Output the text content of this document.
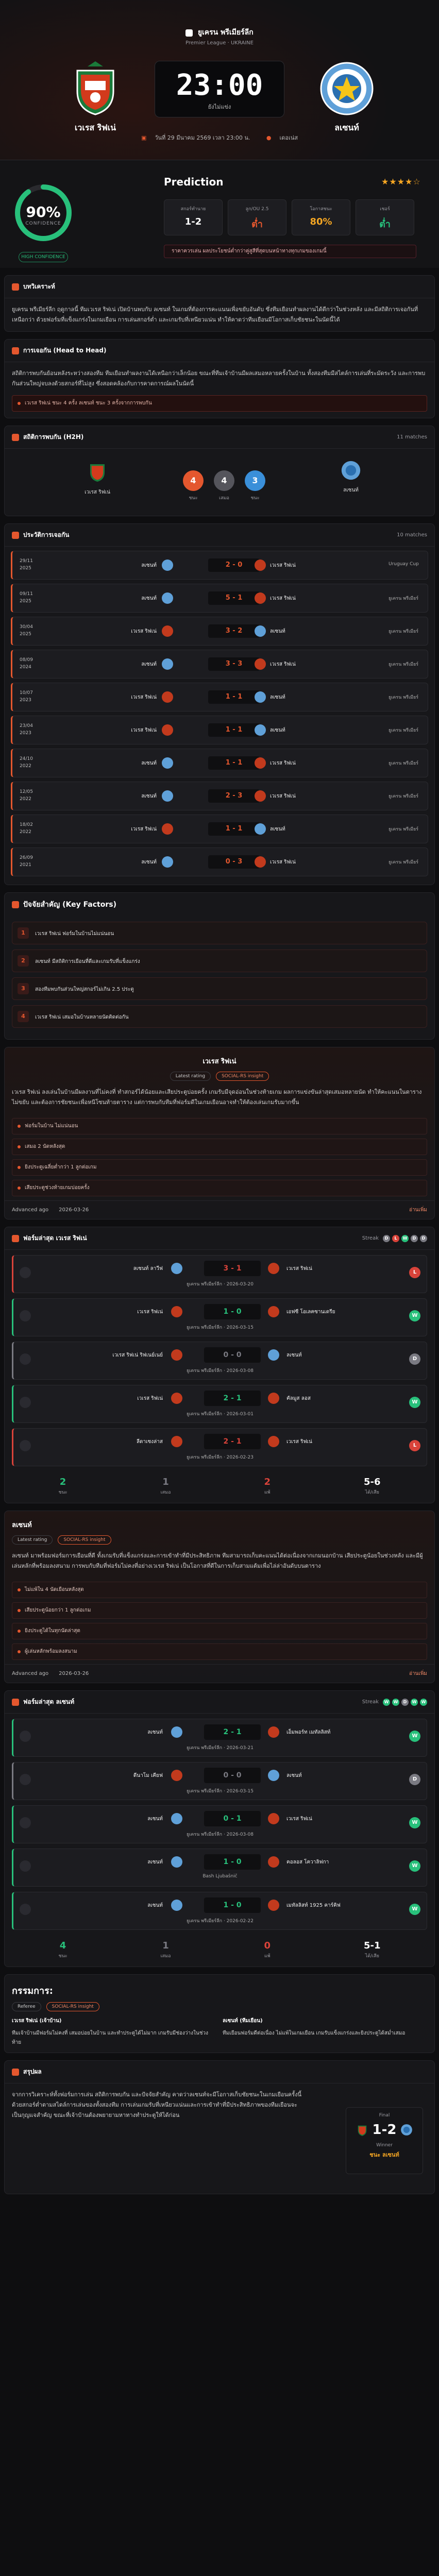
ยูเครน พรีเมียร์ลีก
Premier League · UKRAINE
เวเรส ริฟเน่
23:00
ยังไม่แข่ง
ลเซนท์
▣ วันที่ 29 มีนาคม 2569 เวลา 23:00 น.	● เดอเน่ส
90%
CONFIDENCE
HIGH CONFIDENCE
Prediction	★★★★☆
สกอร์ทำนาย
1-2
ลูก/OU 2.5
ต่ำ
โอกาสชนะ
80%
เชอร์
ต่ำ
ราคาควรเล่น ผลประโยชน์ต่ำกว่าคู่สูสีที่สุดบนหน้าทางทุกเกมของเกมนี้
บทวิเคราะห์
ยูเครน พรีเมียร์ลีก ฤดูกาลนี้ ทีมเวเรส ริฟเน่ เปิดบ้านพบกับ ลเซนท์ ในเกมที่ต้องการคะแนนเพื่อขยับอันดับ ซึ่งทีมเยือนทำผลงานได้ดีกว่าในช่วงหลัง และมีสถิติการเจอกันที่เหนือกว่า ด้วยฟอร์มที่แข็งแกร่งในเกมเยือน การเล่นสกอร์ต่ำ และเกมรับที่เหนียวแน่น ทำให้คาดว่าทีมเยือนมีโอกาสเก็บชัยชนะในนัดนี้ได้
การเจอกัน (Head to Head)
สถิติการพบกันย้อนหลังระหว่างสองทีม ทีมเยือนทำผลงานได้เหนือกว่าเล็กน้อย ขณะที่ทีมเจ้าบ้านมีผลเสมอหลายครั้งในบ้าน ทั้งสองทีมมีสไตล์การเล่นที่ระมัดระวัง และการพบกันส่วนใหญ่จบลงด้วยสกอร์ที่ไม่สูง ซึ่งสอดคล้องกับการคาดการณ์ผลในนัดนี้
เวเรส ริฟเน่ ชนะ 4 ครั้ง ลเซนท์ ชนะ 3 ครั้งจากการพบกัน
สถิติการพบกัน (H2H)	11 matches
เวเรส ริฟเน่
4
ชนะ
4
เสมอ
3
ชนะ
ลเซนท์
ประวัติการเจอกัน	10 matches
29/11 2025	ลเซนท์	2 - 0	เวเรส ริฟเน่	Uruguay Cup
09/11 2025	ลเซนท์	5 - 1	เวเรส ริฟเน่	ยูเครน พรีเมียร์
30/04 2025	เวเรส ริฟเน่	3 - 2	ลเซนท์	ยูเครน พรีเมียร์
08/09 2024	ลเซนท์	3 - 3	เวเรส ริฟเน่	ยูเครน พรีเมียร์
10/07 2023	เวเรส ริฟเน่	1 - 1	ลเซนท์	ยูเครน พรีเมียร์
23/04 2023	เวเรส ริฟเน่	1 - 1	ลเซนท์	ยูเครน พรีเมียร์
24/10 2022	ลเซนท์	1 - 1	เวเรส ริฟเน่	ยูเครน พรีเมียร์
12/05 2022	ลเซนท์	2 - 3	เวเรส ริฟเน่	ยูเครน พรีเมียร์
18/02 2022	เวเรส ริฟเน่	1 - 1	ลเซนท์	ยูเครน พรีเมียร์
26/09 2021	ลเซนท์	0 - 3	เวเรส ริฟเน่	ยูเครน พรีเมียร์
ปัจจัยสำคัญ (Key Factors)
1	เวเรส ริฟเน่ ฟอร์มในบ้านไม่แน่นอน
2	ลเซนท์ มีสถิติการเยือนที่ดีและเกมรับที่แข็งแกร่ง
3	สองทีมพบกันส่วนใหญ่สกอร์ไม่เกิน 2.5 ประตู
4	เวเรส ริฟเน่ เสมอในบ้านหลายนัดติดต่อกัน
เวเรส ริฟเน่
Latest rating	SOCIAL-RS insight
เวเรส ริฟเน่ ลงเล่นในบ้านมีผลงานที่ไม่คงที่ ทำสกอร์ได้น้อยและเสียประตูบ่อยครั้ง เกมรับมีจุดอ่อนในช่วงท้ายเกม ผลการแข่งขันล่าสุดเสมอหลายนัด ทำให้คะแนนในตารางไม่ขยับ และต้องการชัยชนะเพื่อหนีโซนท้ายตาราง แต่การพบกับทีมที่ฟอร์มดีในเกมเยือนอาจทำให้ต้องเล่นเกมรับมากขึ้น
ฟอร์มในบ้าน ไม่แน่นอน
เสมอ 2 นัดหลังสุด
ยิงประตูเฉลี่ยต่ำกว่า 1 ลูกต่อเกม
เสียประตูช่วงท้ายเกมบ่อยครั้ง
Advanced ago 2026-03-26	อ่านเพิ่ม
ฟอร์มล่าสุด เวเรส ริฟเน่	Streak	D	L	W	D	D
ลเซนท์ ลาวีฟ	3 - 1	เวเรส ริฟเน่
ยูเครน พรีเมียร์ลีก · 2026-03-20
L
เวเรส ริฟเน่	1 - 0	เอฟซี โอเลคซานเดรีย
ยูเครน พรีเมียร์ลีก · 2026-03-15
W
เวเรส ริฟเน่ ริฟเนย์เนย์	0 - 0	ลเซนท์
ยูเครน พรีเมียร์ลีก · 2026-03-08
D
เวเรส ริฟเน่	2 - 1	คัลมูส ลอส
ยูเครน พรีเมียร์ลีก · 2026-03-01
W
ลีดาเซงล่าส	2 - 1	เวเรส ริฟเน่
ยูเครน พรีเมียร์ลีก · 2026-02-23
L
2
ชนะ
1
เสมอ
2
แพ้
5-6
ได้/เสีย
ลเซนท์
Latest rating	SOCIAL-RS insight
ลเซนท์ มาพร้อมฟอร์มการเยือนที่ดี ทั้งเกมรับที่แข็งแกร่งและการเข้าทำที่มีประสิทธิภาพ ทีมสามารถเก็บคะแนนได้ต่อเนื่องจากเกมนอกบ้าน เสียประตูน้อยในช่วงหลัง และมีผู้เล่นหลักที่พร้อมลงสนาม การพบกับทีมที่ฟอร์มไม่คงที่อย่างเวเรส ริฟเน่ เป็นโอกาสที่ดีในการเก็บสามแต้มเพื่อไล่ล่าอันดับบนตาราง
ไม่แพ้ใน 4 นัดเยือนหลังสุด
เสียประตูน้อยกว่า 1 ลูกต่อเกม
ยิงประตูได้ในทุกนัดล่าสุด
ผู้เล่นหลักพร้อมลงสนาม
Advanced ago 2026-03-26	อ่านเพิ่ม
ฟอร์มล่าสุด ลเซนท์	Streak	W	W	D	W	W
ลเซนท์	2 - 1	เอ็มพอร์ท เมทัลลิสท์
ยูเครน พรีเมียร์ลีก · 2026-03-21
W
ดีนาโม เคียฟ	0 - 0	ลเซนท์
ยูเครน พรีเมียร์ลีก · 2026-03-15
D
ลเซนท์	0 - 1	เวเรส ริฟเน่
ยูเครน พรีเมียร์ลีก · 2026-03-08
W
ลเซนท์	1 - 0	คอลอส โควาลิฟกา
Bash Ljubašnič
W
ลเซนท์	1 - 0	เมทัลลิสท์ 1925 คาร์คิฟ
ยูเครน พรีเมียร์ลีก · 2026-02-22
W
4
ชนะ
1
เสมอ
0
แพ้
5-1
ได้/เสีย
กรรมการ:
Referee	SOCIAL-RS insight
เวเรส ริฟเน่ (เจ้าบ้าน)
ทีมเจ้าบ้านมีฟอร์มไม่คงที่ เสมอบ่อยในบ้าน และทำประตูได้ไม่มาก เกมรับมีช่องว่างในช่วงท้าย
ลเซนท์ (ทีมเยือน)
ทีมเยือนฟอร์มดีต่อเนื่อง ไม่แพ้ในเกมเยือน เกมรับแข็งแกร่งและยิงประตูได้สม่ำเสมอ
สรุปผล
จากการวิเคราะห์ทั้งฟอร์มการเล่น สถิติการพบกัน และปัจจัยสำคัญ คาดว่าลเซนท์จะมีโอกาสเก็บชัยชนะในเกมเยือนครั้งนี้ ด้วยสกอร์ต่ำตามสไตล์การเล่นของทั้งสองทีม การเล่นเกมรับที่เหนียวแน่นและการเข้าทำที่มีประสิทธิภาพของทีมเยือนจะเป็นกุญแจสำคัญ ขณะที่เจ้าบ้านต้องพยายามหาทางทำประตูให้ได้ก่อน	Final
1-2
Winner
ชนะ ลเซนท์
